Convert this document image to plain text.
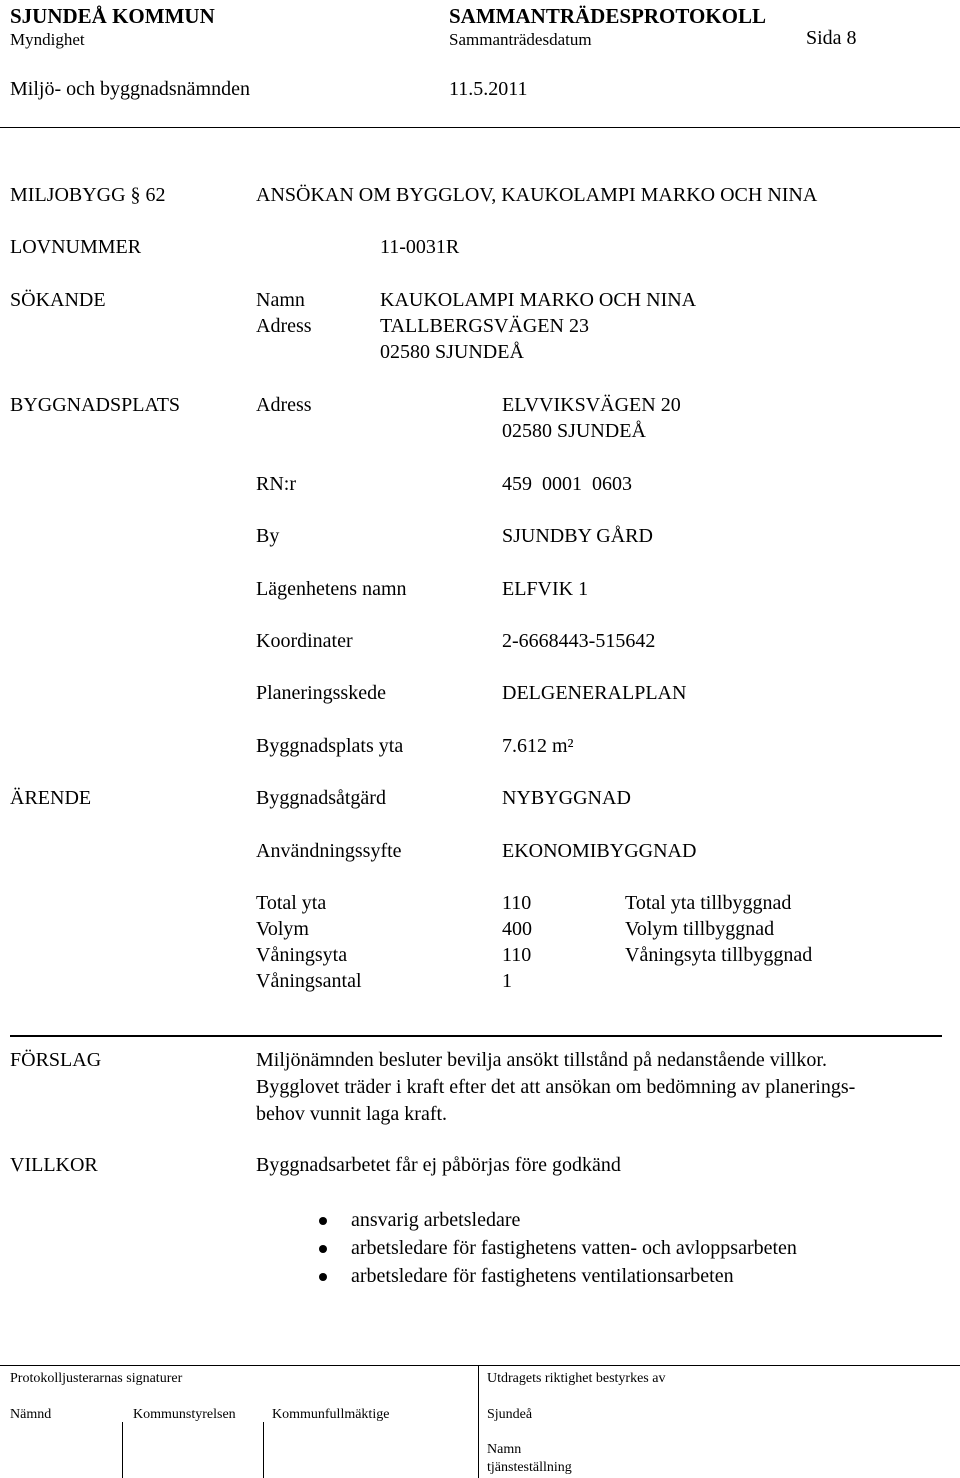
SJUNDEÅ KOMMUN	SAMMANTRÄDESPROTOKOLL
Myndighet	Sammanträdesdatum	Sida 8
Miljö- och byggnadsnämnden	11.5.2011
MILJOBYGG § 62	ANSÖKAN OM BYGGLOV, KAUKOLAMPI MARKO OCH NINA
LOVNUMMER	11-0031R
SÖKANDE	Namn	KAUKOLAMPI MARKO OCH NINA
Adress	TALLBERGSVÄGEN 23
02580 SJUNDEÅ
BYGGNADSPLATS	Adress	ELVVIKSVÄGEN 20
02580 SJUNDEÅ
RN:r	459  0001  0603
By	SJUNDBY GÅRD
Lägenhetens namn	ELFVIK 1
Koordinater	2-6668443-515642
Planeringsskede	DELGENERALPLAN
Byggnadsplats yta	7.612 m²
ÄRENDE	Byggnadsåtgärd	NYBYGGNAD
Användningssyfte	EKONOMIBYGGNAD
Total yta	110	Total yta tillbyggnad
Volym	400	Volym tillbyggnad
Våningsyta	110	Våningsyta tillbyggnad
Våningsantal	1
FÖRSLAG	Miljönämnden besluter bevilja ansökt tillstånd på nedanstående villkor.
Bygglovet träder i kraft efter det att ansökan om bedömning av planerings-
behov vunnit laga kraft.
VILLKOR	Byggnadsarbetet får ej påbörjas före godkänd
ansvarig arbetsledare
arbetsledare för fastighetens vatten- och avloppsarbeten
arbetsledare för fastighetens ventilationsarbeten
Protokolljusterarnas signaturer	Utdragets riktighet bestyrkes av
Nämnd	Kommunstyrelsen	Kommunfullmäktige	Sjundeå
Namn
tjänsteställning
